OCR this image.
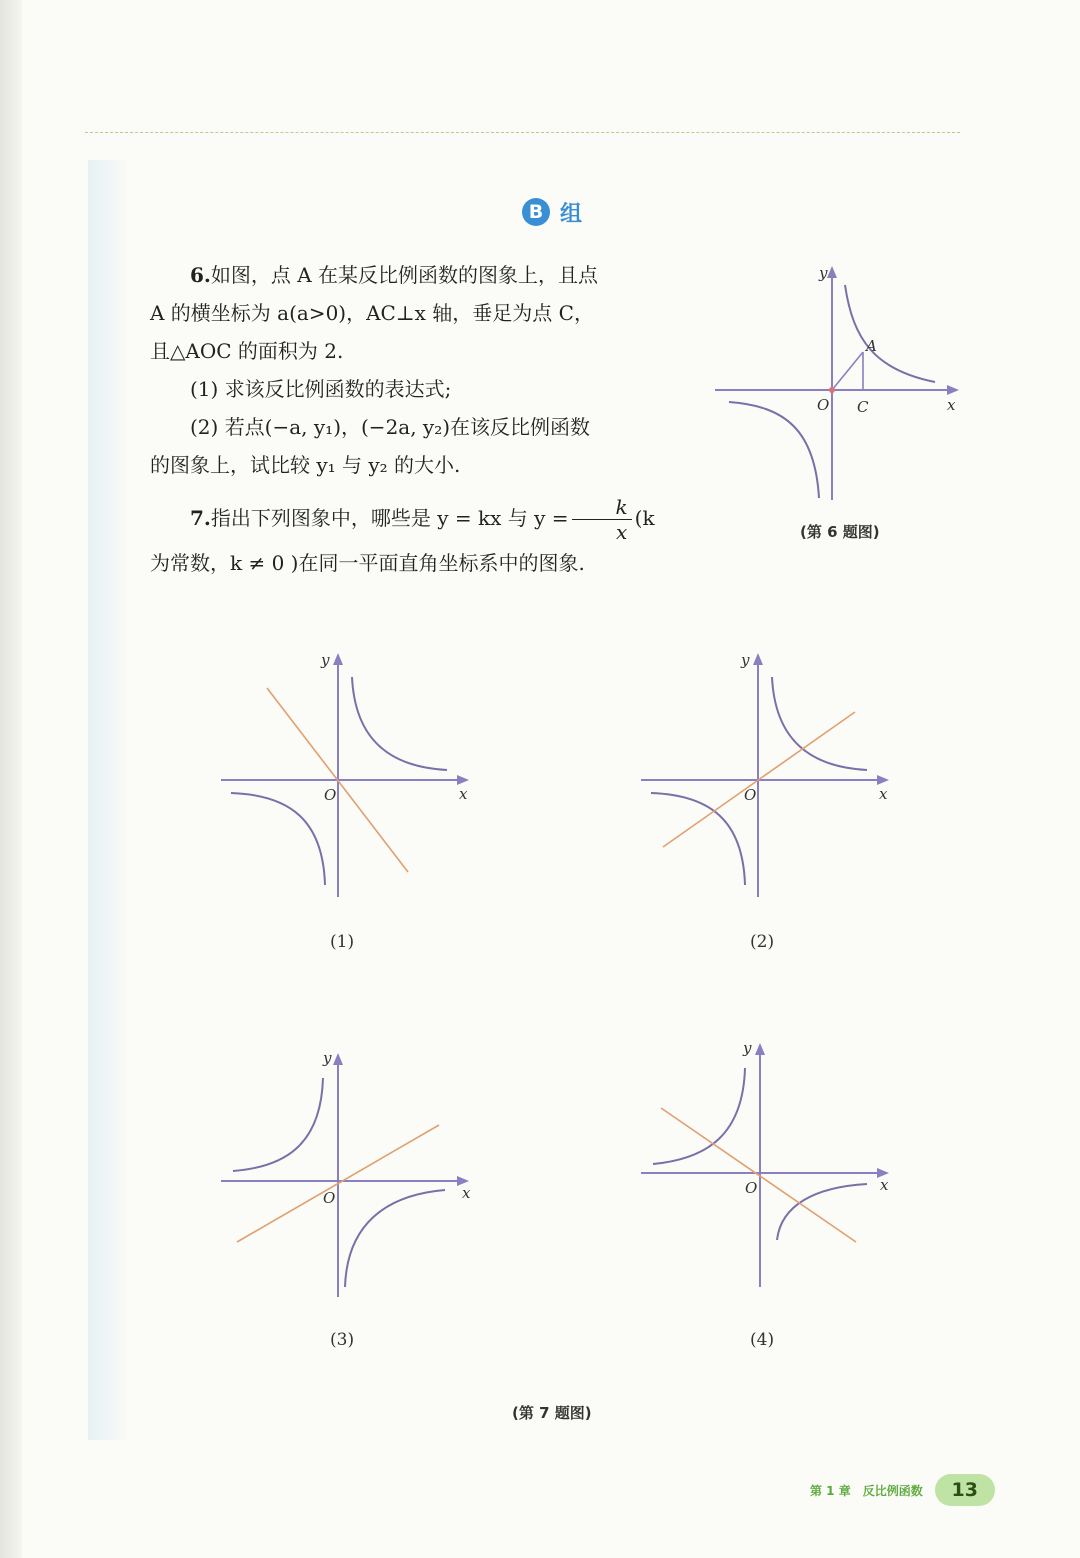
B 组

6.如图，点 A 在某反比例函数的图象上，且点

A 的横坐标为 a(a>0)，AC⊥x 轴，垂足为点 C，

且△AOC 的面积为 2.

(1) 求该反比例函数的表达式;

(2) 若点(−a, y₁)，(−2a, y₂)在该反比例函数

的图象上，试比较 y₁ 与 y₂ 的大小.

7.指出下列图象中，哪些是 y = kx 与 $y = \frac{k}{x} (k$

为常数，k ≠ 0 )在同一平面直角坐标系中的图象.

y
x
O
A
C
(第 6 题图)
y
x
O
(1)
y
x
O
(2)
y
x
O
(3)
y
x
O
(4)
(第 7 题图)
第 1 章　反比例函数	13
